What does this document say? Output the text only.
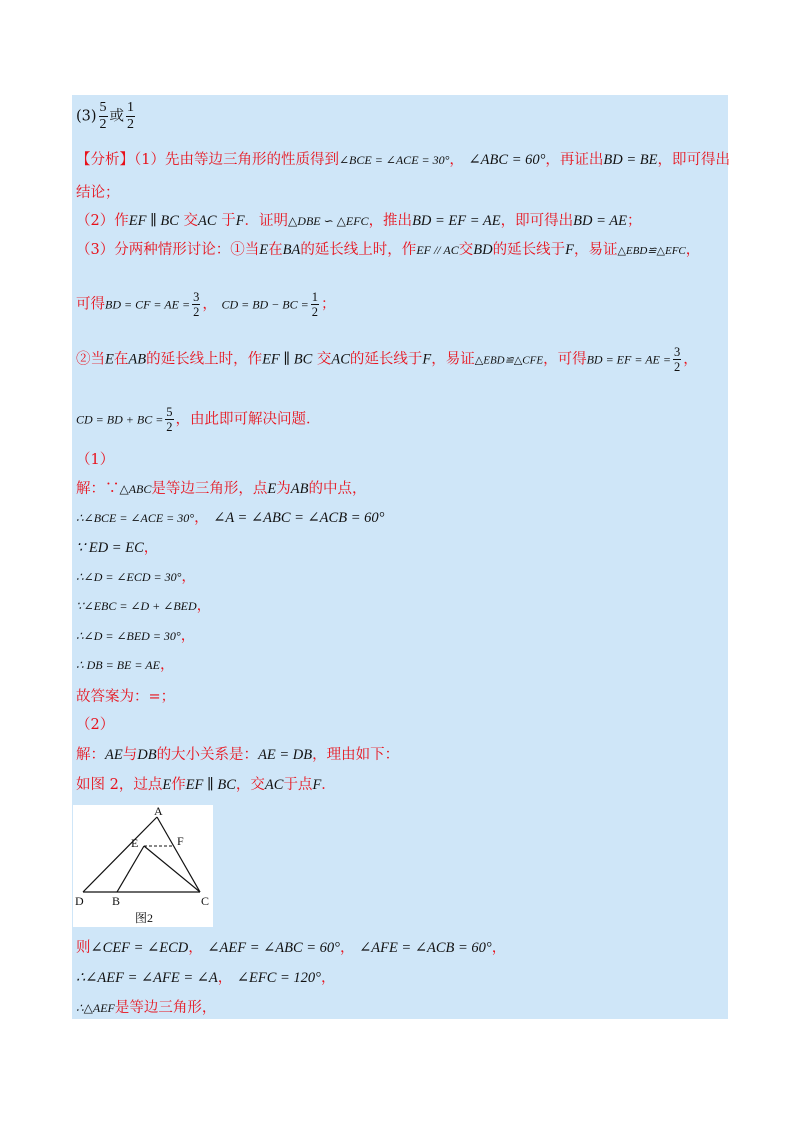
$(3) \frac{5}{2}$ 或 $\frac{1}{2}$
【分析】（1）先由等边三角形的性质得到∠BCE = ∠ACE = 30°， ∠ABC = 60°，再证出BD = BE，即可得出
结论；
（2）作EF ∥ BC 交AC 于F．证明△DBE ∽ △EFC，推出BD = EF = AE，即可得出BD = AE；
（3）分两种情形讨论：①当E在BA的延长线上时，作EF // AC交BD的延长线于F，易证△EBD≌△EFC，
可得BD = CF = AE = $\frac{3}{2}$ ， CD = BD − BC = $\frac{1}{2}$ ；
②当E在AB的延长线上时，作EF ∥ BC 交AC的延长线于F，易证△EBD≌△CFE，可得BD = EF = AE = $\frac{3}{2}$ ，
CD = BD + BC = $\frac{5}{2}$ ，由此即可解决问题．
（1）
解：∵△ABC是等边三角形，点E为AB的中点，
∴∠BCE = ∠ACE = 30°， ∠A = ∠ABC = ∠ACB = 60°
∵ ED = EC，
∴∠D = ∠ECD = 30°，
∵∠EBC = ∠D + ∠BED，
∴∠D = ∠BED = 30°，
∴ DB = BE = AE，
故答案为：=；
（2）
解：AE与DB的大小关系是：AE = DB，理由如下：
如图 2，过点E作EF ∥ BC，交AC于点F．
A
E	F
D B	C
图2
则∠CEF = ∠ECD， ∠AEF = ∠ABC = 60°， ∠AFE = ∠ACB = 60°，
∴∠AEF = ∠AFE = ∠A， ∠EFC = 120°，
∴△AEF是等边三角形，
